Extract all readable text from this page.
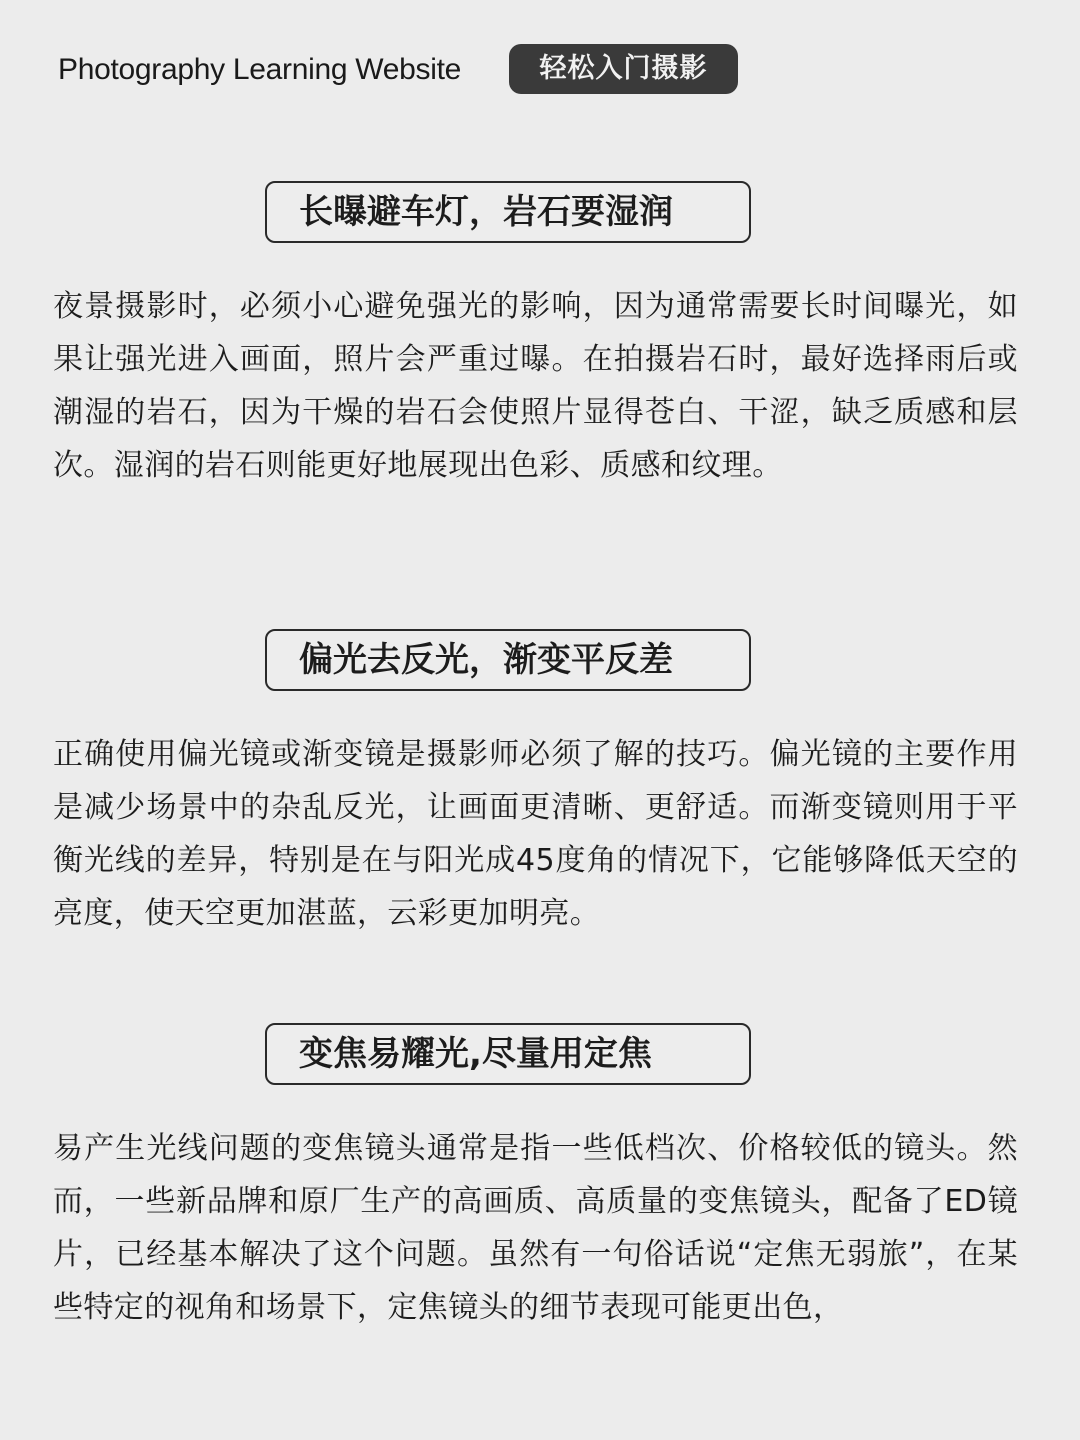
Photography Learning Website	轻松入门摄影
长曝避车灯，岩石要湿润

夜景摄影时，必须小心避免强光的影响，因为通常需要长时间曝光，如果让强光进入画面，照片会严重过曝。在拍摄岩石时，最好选择雨后或潮湿的岩石，因为干燥的岩石会使照片显得苍白、干涩，缺乏质感和层次。湿润的岩石则能更好地展现出色彩、质感和纹理。

偏光去反光，渐变平反差

正确使用偏光镜或渐变镜是摄影师必须了解的技巧。偏光镜的主要作用是减少场景中的杂乱反光，让画面更清晰、更舒适。而渐变镜则用于平衡光线的差异，特别是在与阳光成45度角的情况下，它能够降低天空的亮度，使天空更加湛蓝，云彩更加明亮。

变焦易耀光,尽量用定焦

易产生光线问题的变焦镜头通常是指一些低档次、价格较低的镜头。然而，一些新品牌和原厂生产的高画质、高质量的变焦镜头，配备了ED镜片，已经基本解决了这个问题。虽然有一句俗话说“定焦无弱旅”，在某些特定的视角和场景下，定焦镜头的细节表现可能更出色，
